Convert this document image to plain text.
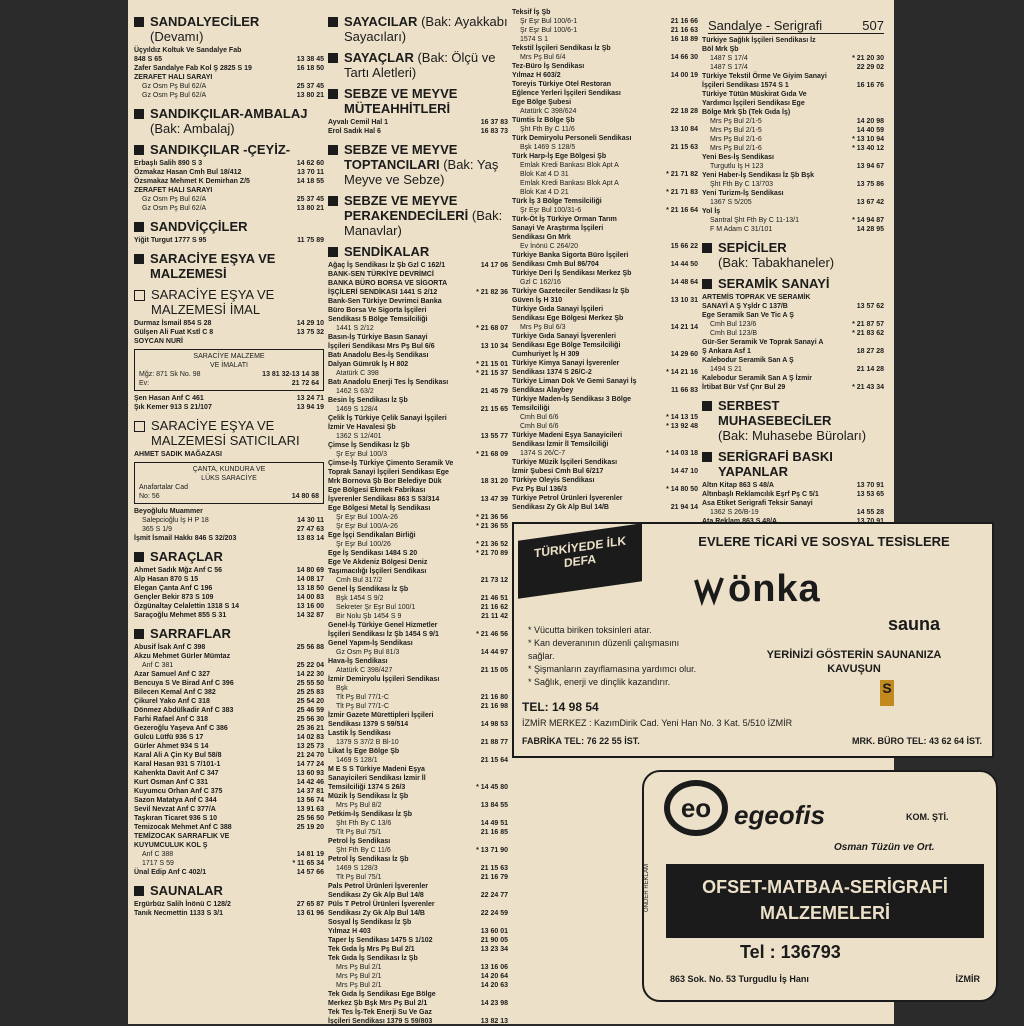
Sandalye - Serigrafi	507
SANDALYECİLER
(Devamı)
Üçyıldız Koltuk Ve Sandalye Fab
848 S 65	13 38 45
Zafer Sandalye Fab Kol Ş 2825 S 19	16 18 50
ZERAFET HALI SARAYI
Gz Osm Pş Bul 62/A	25 37 45
Gz Osm Pş Bul 62/A	13 80 21
SANDIKÇILAR-AMBALAJ (Bak: Ambalaj)
SANDIKÇILAR -ÇEYİZ-
Erbaşlı Salih 890 S 3	14 62 60
Özmakaz Hasan Cmh Bul 18/412	13 70 11
Özsmakaz Mehmet K Demirhan Z/5	14 18 55
ZERAFET HALI SARAYI
Gz Osm Pş Bul 62/A	25 37 45
Gz Osm Pş Bul 62/A	13 80 21
SANDVİÇÇİLER
Yiğit Turgut 1777 S 95	11 75 89
SARACİYE EŞYA VE MALZEMESİ
SARACİYE EŞYA VE MALZEMESİ İMAL
Durmaz İsmail 854 S 28	14 29 10
Gülşen Ali Fuat Kstl C 8	13 75 32
SOYCAN NURİ
SARACİYE MALZEME
VE İMALATI
Mğz: 871 Sk No. 98	13 81 32-13 14 38
Ev:	21 72 64
Şen Hasan Anf C 461	13 24 71
Şık Kemer 913 S 21/107	13 94 19
SARACİYE EŞYA VE MALZEMESİ SATICILARI
AHMET SADIK MAĞAZASI
ÇANTA, KUNDURA VE
LÜKS SARACİYE
Anafartalar Cad
No: 56	14 80 68
Beyoğlulu Muammer
Salepcioğlu İş H P 18	14 30 11
365 S 1/9	27 47 63
İşmit İsmail Hakkı 846 S 32/203	13 83 14
SARAÇLAR
Ahmet Sadık Mğz Anf C 56	14 80 69
Alp Hasan 870 S 15	14 08 17
Elegan Çanta Anf C 196	13 18 50
Gençler Bekir 873 S 109	14 00 83
Özgünaltay Celalettin 1318 S 14	13 16 00
Saraçoğlu Mehmet 855 S 31	14 32 87
SARRAFLAR
Abusif İsak Anf C 398	25 56 88
Akzu Mehmet Gürler Mümtaz
Anf C 381	25 22 04
Azar Samuel Anf C 327	14 22 30
Bencuya S Ve Birad Anf C 396	25 55 50
Bilecen Kemal Anf C 382	25 25 83
Çikurel Yako Anf C 318	25 54 20
Dönmez Abdülkadir Anf C 383	25 46 59
Farhi Rafael Anf C 318	25 56 30
Gezeroğlu Yaşeva Anf C 386	25 36 21
Gülcü Lütfü 936 S 17	14 02 83
Gürler Ahmet 934 S 14	13 25 73
Karal Ali A Çin Ky Bul 58/8	21 24 70
Karal Hasan 931 S 7/101-1	14 77 24
Kahenkta Davit Anf C 347	13 60 93
Kurt Osman Anf C 331	14 42 46
Kuyumcu Orhan Anf C 375	14 37 81
Sazon Matatya Anf C 344	13 56 74
Sevil Nevzat Anf C 377/A	13 91 63
Taşkıran Ticaret 936 S 10	25 56 50
Temizocak Mehmet Anf C 388	25 19 20
TEMİZOCAK SARRAFLIK VE
KUYUMCULUK KOL Ş
Anf C 388	14 81 19
1717 S 59	* 11 65 34
Ünal Edip Anf C 402/1	14 57 66
SAUNALAR
Ergürbüz Salih İnönü C 128/2	27 65 87
Tanık Necmettin 1133 S 3/1	13 61 96
SAYACILAR (Bak: Ayakkabı Sayacıları)
SAYAÇLAR (Bak: Ölçü ve Tartı Aletleri)
SEBZE VE MEYVE MÜTEAHHİTLERİ
Ayvalı Cemil Hal 1	16 37 83
Erol Sadık Hal 6	16 83 73
SEBZE VE MEYVE TOPTANCILARI (Bak: Yaş Meyve ve Sebze)
SEBZE VE MEYVE PERAKENDECİLERİ (Bak: Manavlar)
SENDİKALAR
Ağaç İş Sendikası İz Şb Gzl C 162/1	14 17 06
BANK-SEN TÜRKİYE DEVRİMCİ
BANKA BÜRO BORSA VE SİGORTA
İŞÇİLERİ SENDİKASI 1441 S 2/12	* 21 82 36
Bank-Sen Türkiye Devrimci Banka
Büro Borsa Ve Sigorta İşçileri
Sendikası 5 Bölge Temsilciliği
1441 S 2/12	* 21 68 07
Basın-İş Türkiye Basın Sanayi
İşçileri Sendikası Mrs Pş Bul 6/6	13 10 34
Batı Anadolu Bes-İş Sendikası
Dalyan Gümrük İş H 802	* 21 15 01
Atatürk C 398	* 21 15 37
Batı Anadolu Enerji Tes İş Sendikası
1462 S 63/2	21 45 79
Besin İş Sendikası İz Şb
1469 S 128/4	21 15 65
Çelik İş Türkiye Çelik Sanayi İşçileri
İzmir Ve Havalesi Şb
1362 S 12/401	13 55 77
Çimse İş Sendikası İz Şb
Şr Eşr Bul 100/3	* 21 68 09
Çimse-İş Türkiye Çimento Seramik Ve
Toprak Sanayi İşçileri Sendikası Ege
Mrk Bornova Şb Bor Belediye Dük	18 31 20
Ege Bölgesi Ekmek Fabrikası
İşverenler Sendikası 863 S 53/314	13 47 39
Ege Bölgesi Metal İş Sendikası
Şr Eşr Bul 100/A-26	* 21 36 56
Şr Eşr Bul 100/A-26	* 21 36 55
Ege İşçi Sendikaları Birliği
Şr Eşr Bul 100/26	* 21 36 52
Ege İş Sendikası 1484 S 20	* 21 70 89
Ege Ve Akdeniz Bölgesi Deniz
Taşımacılığı İşçileri Sendikası
Cmh Bul 317/2	21 73 12
Genel İş Sendikası İz Şb
Bşk 1454 S 9/2	21 46 51
Sekreter Şr Eşr Bul 100/1	21 16 62
Bir Nolu Şb 1454 S 9	21 11 42
Genel-İş Türkiye Genel Hizmetler
İşçileri Sendikası İz Şb 1454 S 9/1	* 21 46 56
Genel Yapım-İş Sendikası
Gz Osm Pş Bul 81/3	14 44 97
Hava-İş Sendikası
Atatürk C 398/427	21 15 05
İzmir Demiryolu İşçileri Sendikası
Bşk
Tlt Pş Bul 77/1-C	21 16 80
Tlt Pş Bul 77/1-C	21 16 98
İzmir Gazete Mürettipleri İşçileri
Sendikası 1379 S 59/514	14 98 53
Lastik İş Sendikası
1379 S 37/2 B Bl-10	21 88 77
Likat İş Ege Bölge Şb
1469 S 128/1	21 15 64
M E S S Türkiye Madeni Eşya
Sanayicileri Sendikası İzmir İl
Temsilciliği 1374 S 26/3	* 14 45 80
Müzik İş Sendikası İz Şb
Mrs Pş Bul 8/2	13 84 55
Petkim-İş Sendikası İz Şb
Şht Fth By C 13/6	14 49 51
Tlt Pş Bul 75/1	21 16 85
Petrol İş Sendikası
Şht Fth By C 11/6	* 13 71 90
Petrol İş Sendikası İz Şb
1469 S 128/3	21 15 63
Tlt Pş Bul 75/1	21 16 79
Pals Petrol Ürünleri İşverenler
Sendikası Zy Gk Alp Bul 14/8	22 24 77
Püls T Petrol Ürünleri İşverenler
Sendikası Zy Gk Alp Bul 14/B	22 24 59
Sosyal İş Sendikası İz Şb
Yılmaz H 403	13 60 01
Taper İş Sendikası 1475 S 1/102	21 90 05
Tek Gıda İş Mrs Pş Bul 2/1	13 23 34
Tek Gıda İş Sendikası İz Şb
Mrs Pş Bul 2/1	13 16 06
Mrs Pş Bul 2/1	14 20 64
Mrs Pş Bul 2/1	14 20 63
Tek Gıda İş Sendikası Ege Bölge
Merkez Şb Bşk Mrs Pş Bul 2/1	14 23 98
Tek Tes İş-Tek Enerji Su Ve Gaz
İşçileri Sendikası 1379 S 59/803	13 82 13
Teksif İş Şb
Şr Eşr Bul 100/6-1	21 16 66
Şr Eşr Bul 100/6-1	21 16 63
1574 S 1	16 18 89
Tekstil İşçileri Sendikası İz Şb
Mrs Pş Bul 6/4	14 66 30
Tez-Büro İş Sendikası
Yılmaz H 603/2	14 00 19
Toreyis Türkiye Otel Restoran
Eğlence Yerleri İşçileri Sendikası
Ege Bölge Şubesi
Atatürk C 398/624	22 18 28
Tümtis İz Bölge Şb
Şht Fth By C 11/6	13 10 84
Türk Demiryolu Personeli Sendikası
Bşk 1469 S 128/5	21 15 63
Türk Harp-İş Ege Bölgesi Şb
Emlak Kredi Bankası Blok Apt A
Blok Kat 4 D 31	* 21 71 82
Emlak Kredi Bankası Blok Apt A
Blok Kat 4 D 21	* 21 71 83
Türk İş 3 Bölge Temsilciliği
Şr Eşr Bul 100/31-6	* 21 16 64
Türk-Öt İş Türkiye Orman Tarım
Sanayi Ve Araştırma İşçileri
Sendikası Gn Mrk
Ev İnönü C 264/20	15 66 22
Türkiye Banka Sigorta Büro İşçileri
Sendikası Cmh Bul 86/704	14 44 50
Türkiye Deri İş Sendikası Merkez Şb
Gzl C 162/16	14 48 64
Türkiye Gazeteciler Sendikası İz Şb
Güven İş H 310	13 10 31
Türkiye Gıda Sanayi İşçileri
Sendikası Ege Bölgesi Merkez Şb
Mrs Pş Bul 6/3	14 21 14
Türkiye Gıda Sanayi İşverenleri
Sendikası Ege Bölge Temsilciliği
Cumhuriyet İş H 309	14 29 60
Türkiye Kimya Sanayi İşverenler
Sendikası 1374 S 26/C-2	* 14 21 16
Türkiye Liman Dok Ve Gemi Sanayi İş
Sendikası Alaybey	11 66 83
Türkiye Maden-İş Sendikası 3 Bölge
Temsilciliği
Cmh Bul 6/6	* 14 13 15
Cmh Bul 6/6	* 13 92 48
Türkiye Madeni Eşya Sanayicileri
Sendikası İzmir İl Temsilciliği
1374 S 26/C-7	* 14 03 18
Türkiye Müzik İşçileri Sendikası
İzmir Şubesi Cmh Bul 6/217	14 47 10
Türkiye Oleyis Sendikası
Fvz Pş Bul 136/3	* 14 80 50
Türkiye Petrol Ürünleri İşverenler
Sendikası Zy Gk Alp Bul 14/B	21 94 14
Türkiye Sağlık İşçileri Sendikası İz
Böl Mrk Şb
1487 S 17/4	* 21 20 30
1487 S 17/4	22 29 02
Türkiye Tekstil Örme Ve Giyim Sanayi
İşçileri Sendikası 1574 S 1	16 16 76
Türkiye Tütün Müskirat Gıda Ve
Yardımcı İşçileri Sendikası Ege
Bölge Mrk Şb (Tek Gıda İş)
Mrs Pş Bul 2/1-5	14 20 98
Mrs Pş Bul 2/1-5	14 40 59
Mrs Pş Bul 2/1-6	* 13 10 94
Mrs Pş Bul 2/1-6	* 13 40 12
Yeni Bes-İş Sendikası
Turgutlu İş H 123	13 94 67
Yeni Haber-İş Sendikası İz Şb Bşk
Şht Fth By C 13/703	13 75 86
Yeni Turizm-İş Sendikası
1367 S 5/205	13 67 42
Yol İş
Santral Şht Fth By C 11-13/1	* 14 94 87
F M Adam C 31/101	14 28 95
SEPİCİLER
(Bak: Tabakhaneler)
SERAMİK SANAYİ
ARTEMİS TOPRAK VE SERAMİK
SANAYİ A Ş Yşldr C 137/B	13 57 62
Ege Seramik San Ve Tic A Ş
Cmh Bul 123/6	* 21 87 57
Cmh Bul 123/B	* 21 83 62
Gür-Ser Seramik Ve Toprak Sanayi A
Ş Ankara Asf 1	18 27 28
Kalebodur Seramik San A Ş
1494 S 21	21 14 28
Kalebodur Seramik San A Ş İzmir
İrtibat Bür Vsf Çnr Bul 29	* 21 43 34
SERBEST MUHASEBECİLER
(Bak: Muhasebe Büroları)
SERİGRAFİ BASKI YAPANLAR
Altın Kitap 863 S 48/A	13 70 91
Altınbaşlı Reklamcılık Eşrf Pş C 5/1	13 53 65
Asa Etiket Serigrafi Teksir Sanayi
1362 S 26/B-19	14 55 28
TÜRKİYEDE İLK DEFA
EVLERE TİCARİ VE SOSYAL TESİSLERE
önka
sauna
* Vücutta biriken toksinleri atar.
* Kan deveranının düzenli çalışmasını sağlar.
* Şişmanların zayıflamasına yardımcı olur.
* Sağlık, enerji ve dinçlik kazandırır.
YERİNİZİ GÖSTERİN SAUNANIZA KAVUŞUN
TEL: 14 98 54
İZMİR MERKEZ : KazımDirik Cad. Yeni Han No. 3 Kat. 5/510 İZMİR
FABRİKA TEL: 76 22 55 İST.	MRK. BÜRO TEL: 43 62 64 İST.
eo egeofis	KOM. ŞTİ.
Osman Tüzün ve Ort.
OFSET-MATBAA-SERİGRAFİ
MALZEMELERİ
Tel : 136793
863 Sok. No. 53 Turgudlu İş Hanı	İZMİR
ÖNDER REKLAM
S
